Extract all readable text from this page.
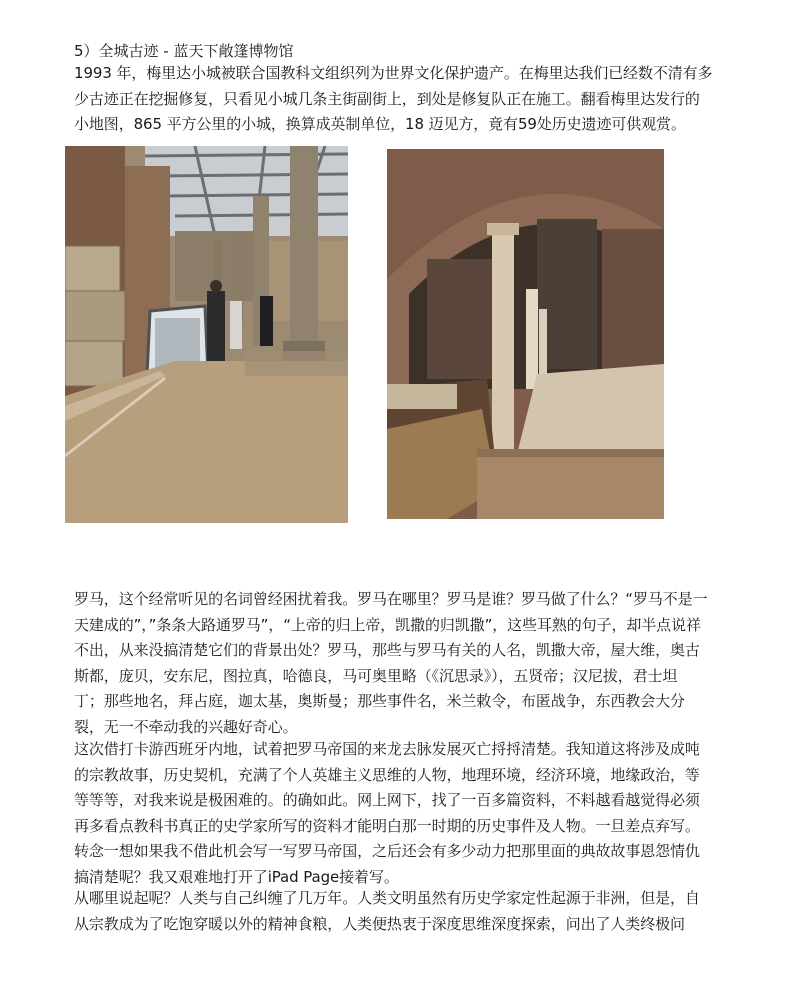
5）全城古迹 - 蓝天下敞篷博物馆
1993 年，梅里达小城被联合国教科文组织列为世界文化保护遗产。在梅里达我们已经数不清有多
少古迹正在挖掘修复，只看见小城几条主街副街上，到处是修复队正在施工。翻看梅里达发行的
小地图，865 平方公里的小城，换算成英制单位，18 迈见方，竟有59处历史遗迹可供观赏。
罗马，这个经常听见的名词曾经困扰着我。罗马在哪里？罗马是谁？罗马做了什么？“罗马不是一
天建成的”，”条条大路通罗马”，“上帝的归上帝，凯撒的归凯撒”，这些耳熟的句子，却半点说祥
不出，从来没搞清楚它们的背景出处？罗马，那些与罗马有关的人名，凯撒大帝，屋大维，奥古
斯都，庞贝，安东尼，图拉真，哈德良，马可奥里略（《沉思录》），五贤帝；汉尼拔，君士坦
丁；那些地名，拜占庭，迦太基，奥斯曼；那些事件名，米兰敕令，布匿战争，东西教会大分
裂，无一不牵动我的兴趣好奇心。
这次借打卡游西班牙内地，试着把罗马帝国的来龙去脉发展灭亡捋捋清楚。我知道这将涉及成吨
的宗教故事，历史契机，充满了个人英雄主义思维的人物，地理环境，经济环境，地缘政治，等
等等等，对我来说是极困难的。的确如此。网上网下，找了一百多篇资料，不料越看越觉得必须
再多看点教科书真正的史学家所写的资料才能明白那一时期的历史事件及人物。一旦差点弃写。
转念一想如果我不借此机会写一写罗马帝国，之后还会有多少动力把那里面的典故故事恩怨情仇
搞清楚呢？我又艰难地打开了iPad Page接着写。
从哪里说起呢？人类与自己纠缠了几万年。人类文明虽然有历史学家定性起源于非洲，但是，自
从宗教成为了吃饱穿暖以外的精神食粮，人类便热衷于深度思维深度探索，问出了人类终极问
